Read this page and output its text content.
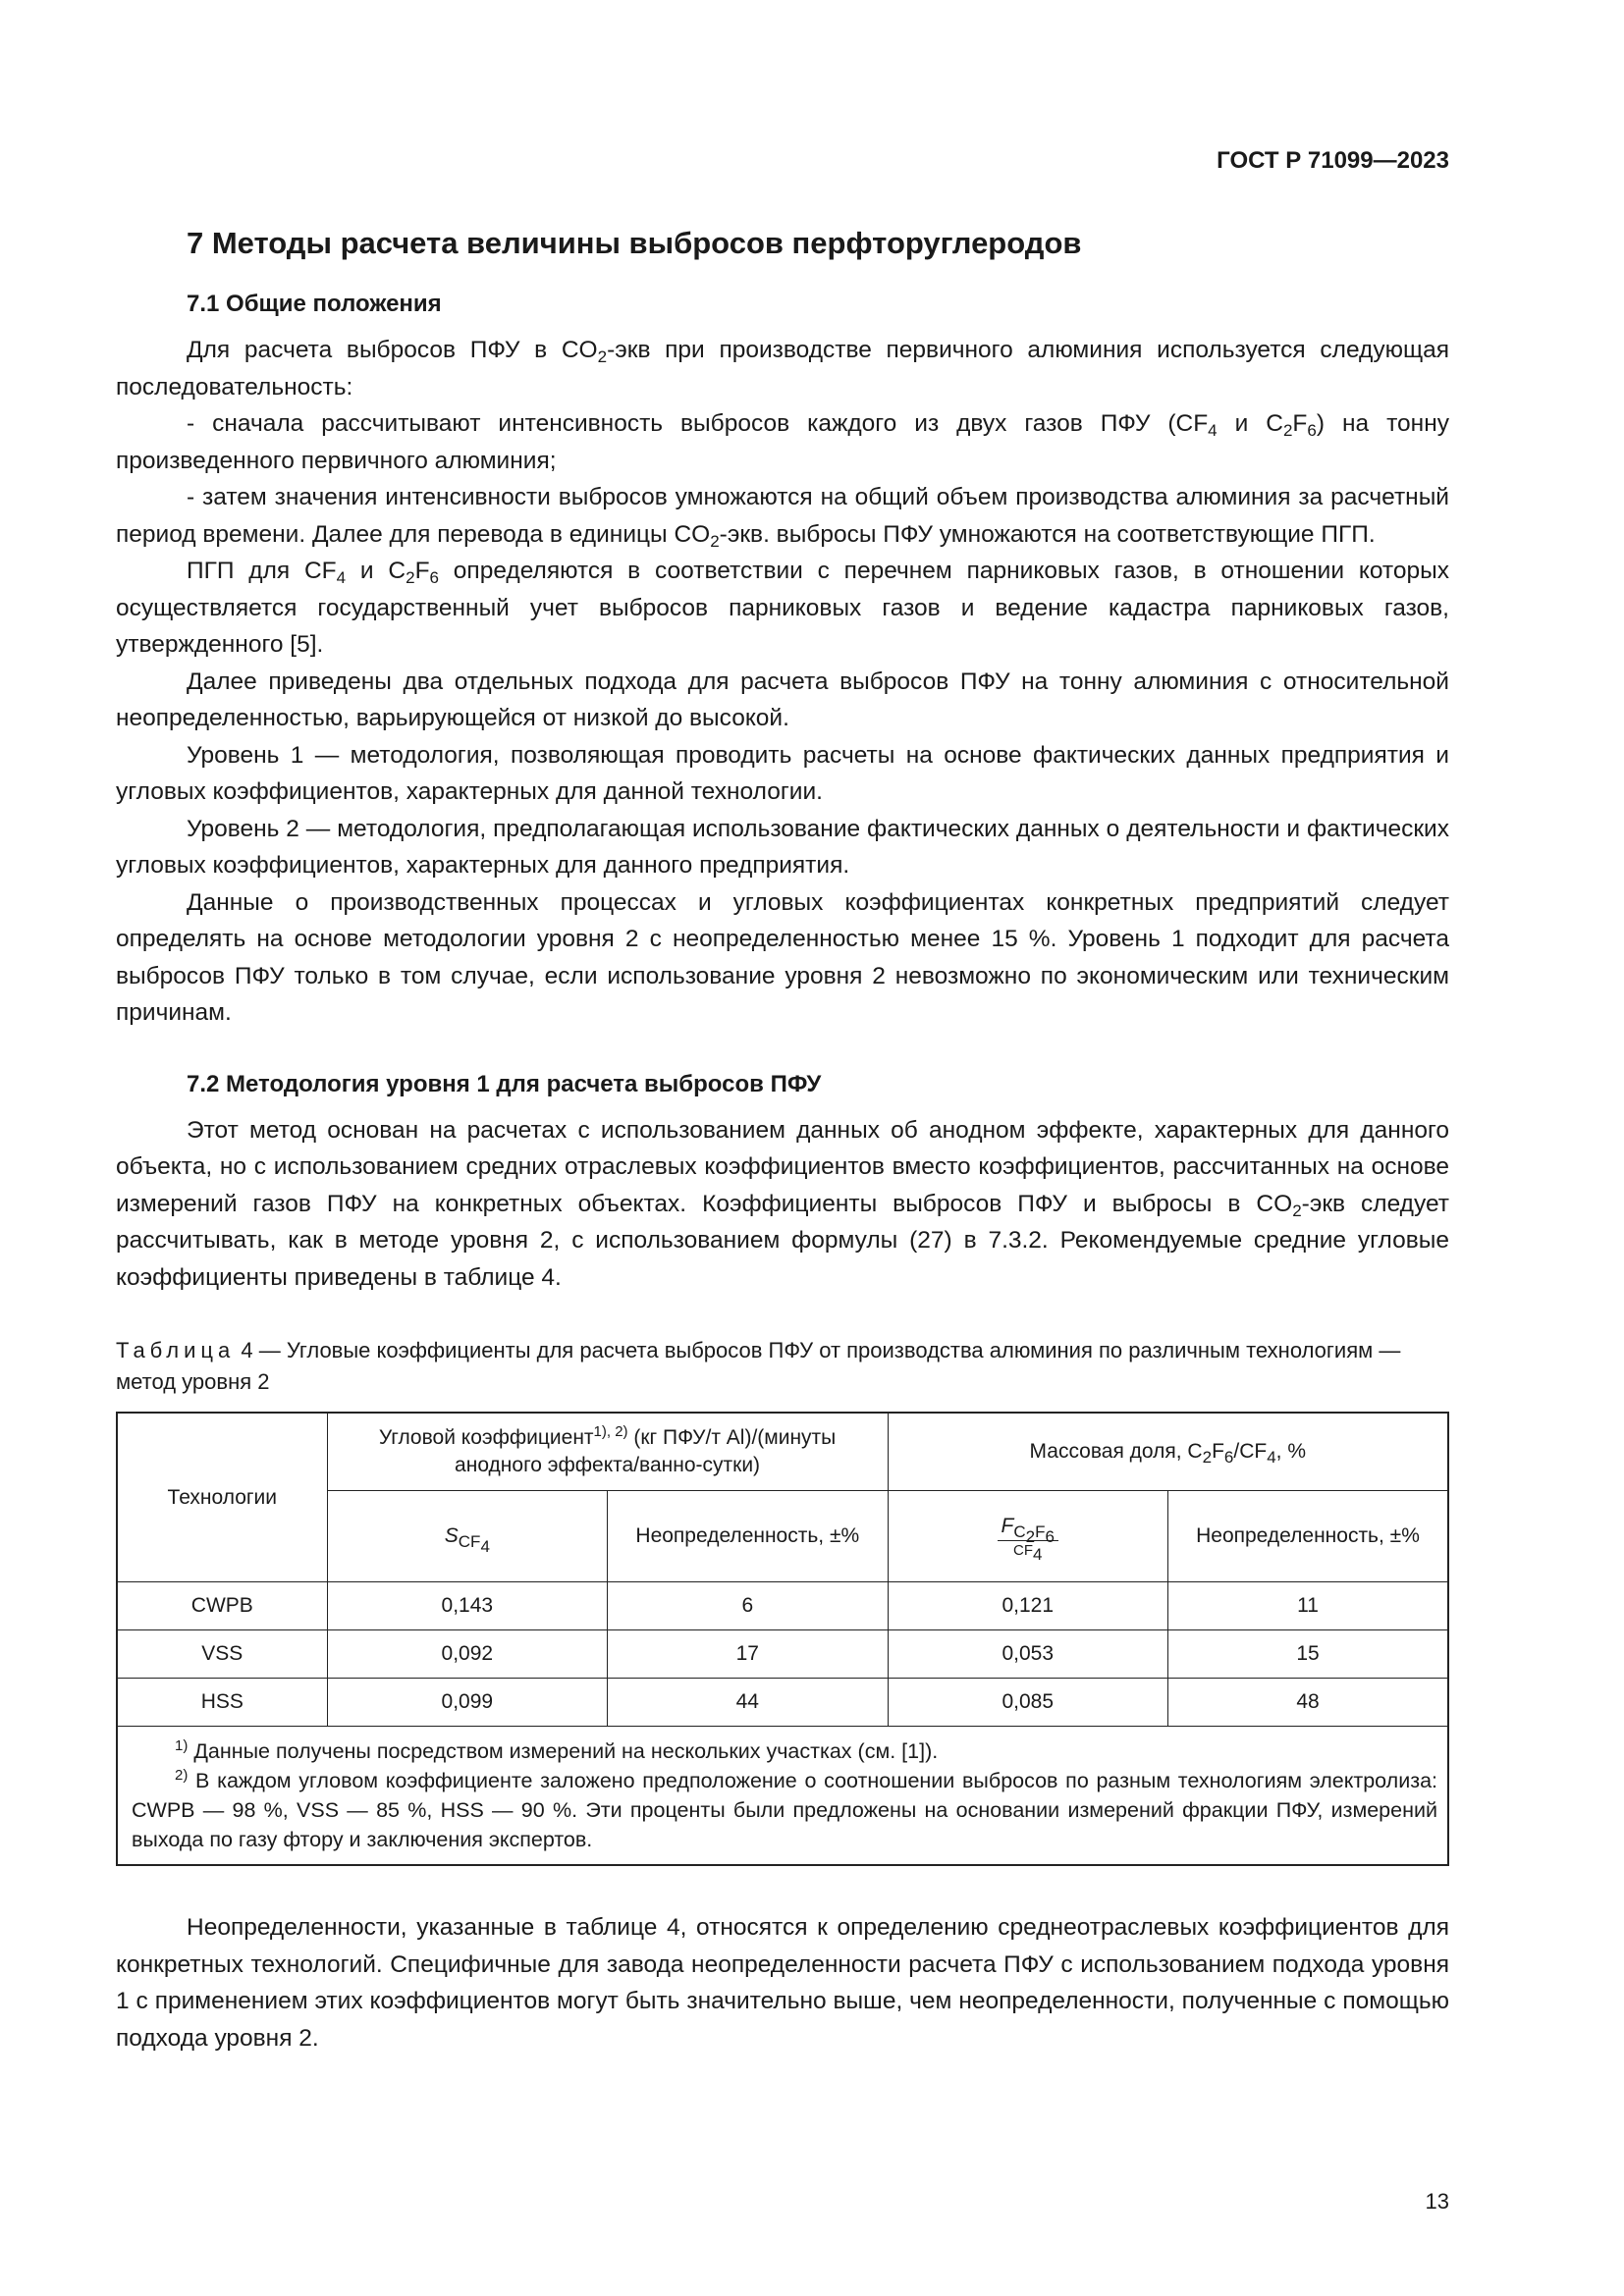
ГОСТ Р 71099—2023
7 Методы расчета величины выбросов перфторуглеродов
7.1 Общие положения

Для расчета выбросов ПФУ в $CO_2$-экв при производстве первичного алюминия используется следующая последовательность:

- сначала рассчитывают интенсивность выбросов каждого из двух газов ПФУ ($CF_4$ и $C_2F_6$) на тонну произведенного первичного алюминия;

- затем значения интенсивности выбросов умножаются на общий объем производства алюминия за расчетный период времени. Далее для перевода в единицы $CO_2$-экв. выбросы ПФУ умножаются на соответствующие ПГП.

ПГП для $CF_4$ и $C_2F_6$ определяются в соответствии с перечнем парниковых газов, в отношении которых осуществляется государственный учет выбросов парниковых газов и ведение кадастра парниковых газов, утвержденного [5].

Далее приведены два отдельных подхода для расчета выбросов ПФУ на тонну алюминия с относительной неопределенностью, варьирующейся от низкой до высокой.

Уровень 1 — методология, позволяющая проводить расчеты на основе фактических данных предприятия и угловых коэффициентов, характерных для данной технологии.

Уровень 2 — методология, предполагающая использование фактических данных о деятельности и фактических угловых коэффициентов, характерных для данного предприятия.

Данные о производственных процессах и угловых коэффициентах конкретных предприятий следует определять на основе методологии уровня 2 с неопределенностью менее 15 %. Уровень 1 подходит для расчета выбросов ПФУ только в том случае, если использование уровня 2 невозможно по экономическим или техническим причинам.

7.2 Методология уровня 1 для расчета выбросов ПФУ

Этот метод основан на расчетах с использованием данных об анодном эффекте, характерных для данного объекта, но с использованием средних отраслевых коэффициентов вместо коэффициентов, рассчитанных на основе измерений газов ПФУ на конкретных объектах. Коэффициенты выбросов ПФУ и выбросы в $CO_2$-экв следует рассчитывать, как в методе уровня 2, с использованием формулы (27) в 7.3.2. Рекомендуемые средние угловые коэффициенты приведены в таблице 4.

Таблица 4 — Угловые коэффициенты для расчета выбросов ПФУ от производства алюминия по различным технологиям — метод уровня 2
Технологии	Угловой коэффициент$^{1), 2)}$ (кг ПФУ/т Al)/(минуты анодного эффекта/ванно-сутки)		Массовая доля, $C_2F_6/CF_4$, %	
	$S_{CF_4}$	Неопределенность, ±%	$\frac{F_{C_2F_6}}{CF_4}$	Неопределенность, ±%
CWPB	0,143	6	0,121	11
VSS	0,092	17	0,053	15
HSS	0,099	44	0,085	48

$^{1)}$ Данные получены посредством измерений на нескольких участках (см. [1]).
$^{2)}$ В каждом угловом коэффициенте заложено предположение о соотношении выбросов по разным технологиям электролиза: CWPB — 98 %, VSS — 85 %, HSS — 90 %. Эти проценты были предложены на основании измерений фракции ПФУ, измерений выхода по газу фтору и заключения экспертов.				

Неопределенности, указанные в таблице 4, относятся к определению среднеотраслевых коэффициентов для конкретных технологий. Специфичные для завода неопределенности расчета ПФУ с использованием подхода уровня 1 с применением этих коэффициентов могут быть значительно выше, чем неопределенности, полученные с помощью подхода уровня 2.

13
